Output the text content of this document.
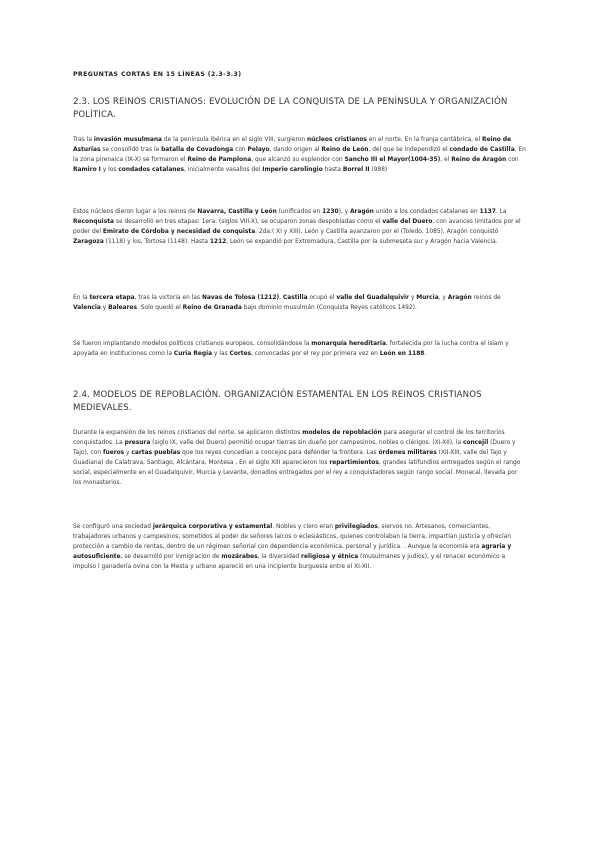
PREGUNTAS CORTAS EN 15 LÍNEAS (2.3-3.3)
2.3. LOS REINOS CRISTIANOS: EVOLUCIÓN DE LA CONQUISTA DE LA PENÍNSULA Y ORGANIZACIÓN POLÍTICA.
Tras la invasión musulmana de la península ibérica en el siglo VIII, surgieron núcleos cristianos en el norte. En la franja cantábrica, el Reino de Asturias se consolidó tras la batalla de Covadonga con Pelayo, dando origen al Reino de León, del que se independizó el condado de Castilla. En la zona pirenaica (IX-X) se formaron el Reino de Pamplona, que alcanzó su esplendor con Sancho III el Mayor(1004-35), el Reino de Aragón con Ramiro I y los condados catalanes, inicialmente vasallos del Imperio carolingio hasta Borrel II (988)
Estos núcleos dieron lugar a los reinos de Navarra, Castilla y León (unificados en 1230), y Aragón unido a los condados catalanes en 1137. La Reconquista se desarrolló en tres etapas: 1era: (siglos VIII-X), se ocuparon zonas despobladas como el valle del Duero, con avances limitados por el poder del Emirato de Córdoba y necesidad de conquista. 2da:( XI y XIII), León y Castilla avanzaron por el (Toledo, 1085), Aragón conquistó Zaragoza (1118) y los, Tortosa (1148). Hasta 1212, León se expandió por Extremadura, Castilla por la submeseta sur y Aragón hacia Valencia.
En la tercera etapa, tras la victoria en las Navas de Tolosa (1212), Castilla ocupó el valle del Guadalquivir y Murcia, y Aragón reinos de Valencia y Baleares. Solo quedó el Reino de Granada bajo dominio musulmán (Conquista Reyes católicos 1492).
Se fueron implantando modelos políticos cristianos europeos, consolidándose la monarquía hereditaria, fortalecida por la lucha contra el islam y apoyada en instituciones como la Curia Regia y las Cortes, convocadas por el rey por primera vez en León en 1188.
2.4. MODELOS DE REPOBLACIÓN. ORGANIZACIÓN ESTAMENTAL EN LOS REINOS CRISTIANOS MEDIEVALES.
Durante la expansión de los reinos cristianos del norte, se aplicaron distintos modelos de repoblación para asegurar el control de los territorios conquistados. La presura (siglo IX, valle del Duero) permitió ocupar tierras sin dueño por campesinos, nobles o clérigos. (XI-XII), la concejil (Duero y Tajo), con fueros y cartas pueblas que los reyes concedían a concejos para defender la frontera. Las órdenes militares (XII-XIII, valle del Tajo y Guadiana) de Calatrava, Santiago, Alcántara, Montesa . En el siglo XIII aparecieron los repartimientos, grandes latifundios entregados según el rango social, especialmente en el Guadalquivir, Murcia y Levante, donadios entregados por el rey a conquistadores según rango social. Monacal, llevada por los monasterios.
Se configuró una sociedad jerárquica corporativa y estamental. Nobles y clero eran privilegiados, siervos no. Artesanos, comerciantes, trabajadores urbanos y campesinos; sometidos al poder de señores laicos o eclesiásticos, quienes controlaban la tierra, impartían justicia y ofrecían protección a cambio de rentas, dentro de un régimen señorial con dependencia económica, personal y jurídica. . Aunque la economía era agraria y autosuficiente, se desarrolló por inmigración de mozárabes, la diversidad religiosa y étnica (musulmanes y judíos), y el renacer económico a impulso l ganadería ovina con la Mesta y urbano apareció en una incipiente burguesía entre el XI-XII.
